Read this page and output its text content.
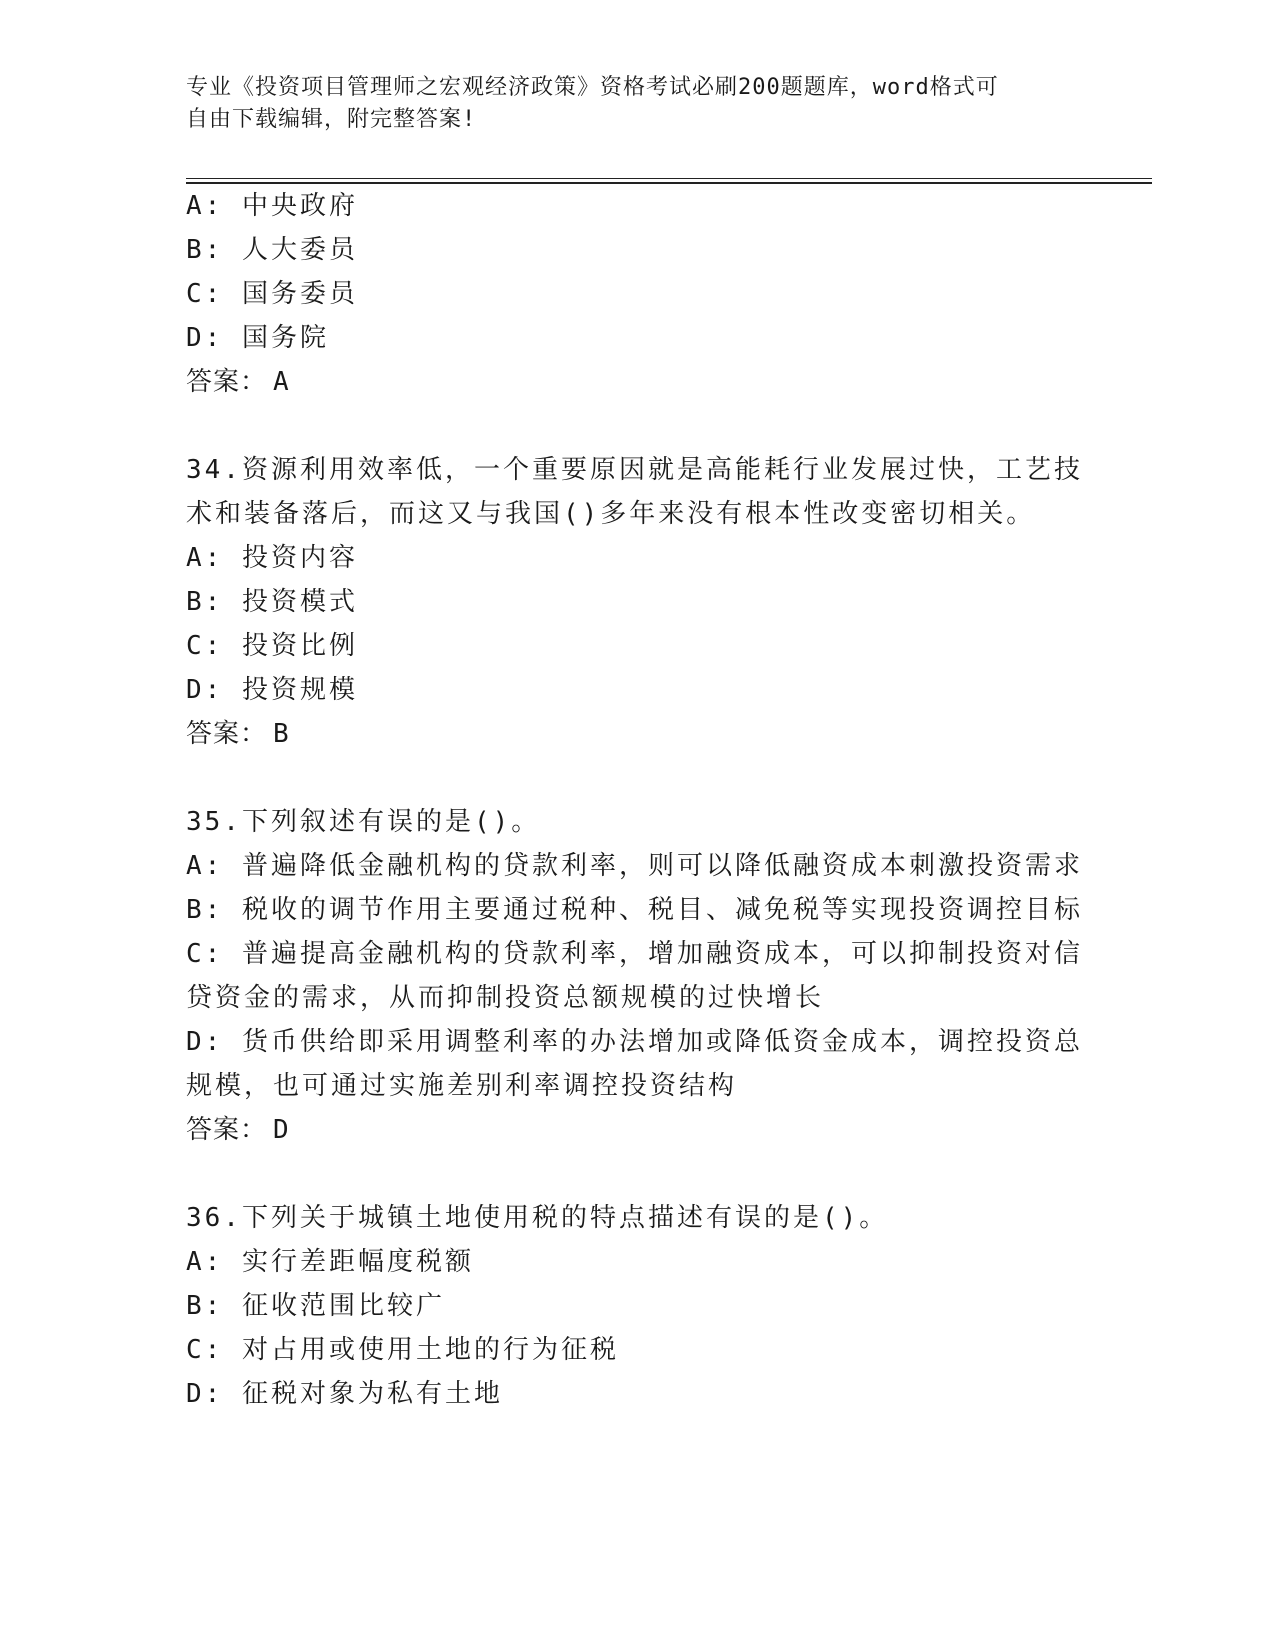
专业《投资项目管理师之宏观经济政策》资格考试必刷200题题库，word格式可
自由下载编辑，附完整答案!
A: 中央政府
B: 人大委员
C: 国务委员
D: 国务院
答案： A
34.资源利用效率低，一个重要原因就是高能耗行业发展过快，工艺技
术和装备落后，而这又与我国()多年来没有根本性改变密切相关。
A: 投资内容
B: 投资模式
C: 投资比例
D: 投资规模
答案： B
35.下列叙述有误的是()。
A: 普遍降低金融机构的贷款利率，则可以降低融资成本刺激投资需求
B: 税收的调节作用主要通过税种、税目、减免税等实现投资调控目标
C: 普遍提高金融机构的贷款利率，增加融资成本，可以抑制投资对信
贷资金的需求，从而抑制投资总额规模的过快增长
D: 货币供给即采用调整利率的办法增加或降低资金成本，调控投资总
规模，也可通过实施差别利率调控投资结构
答案： D
36.下列关于城镇土地使用税的特点描述有误的是()。
A: 实行差距幅度税额
B: 征收范围比较广
C: 对占用或使用土地的行为征税
D: 征税对象为私有土地
